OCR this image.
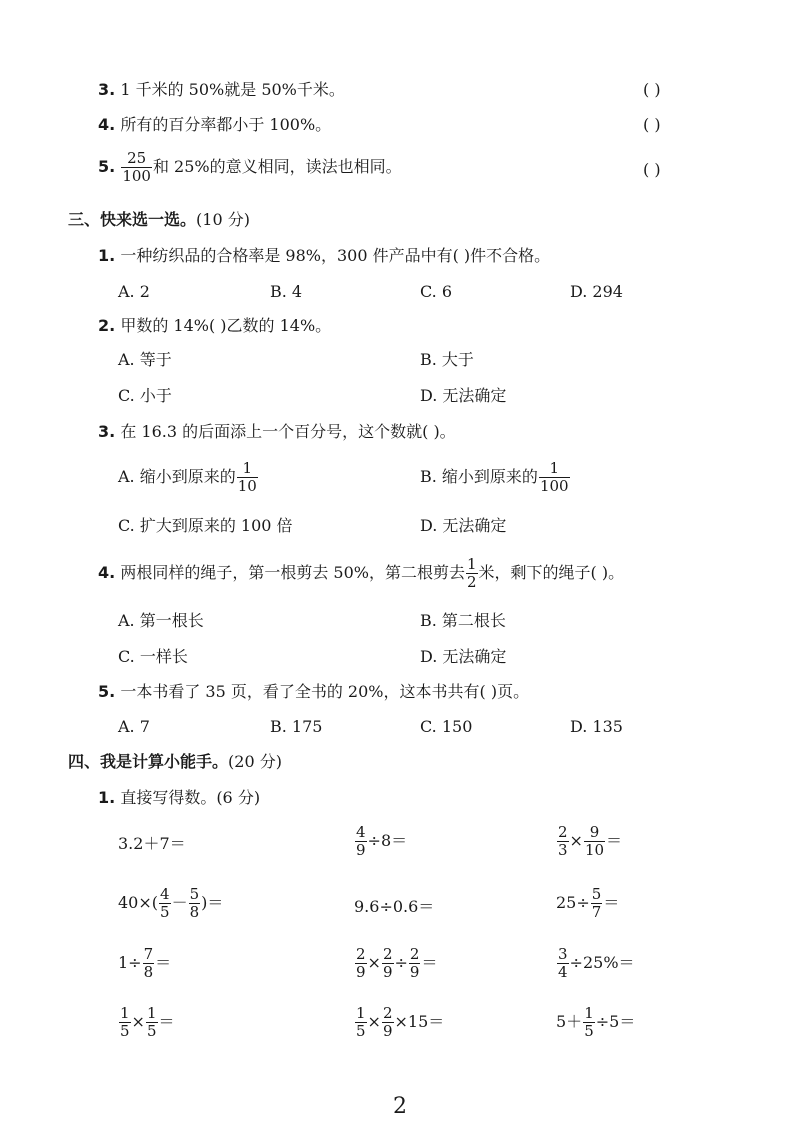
3. 1 千米的 50%就是 50%千米。	( )
4. 所有的百分率都小于 100%。	( )
5. $\frac{25}{100}$ 和 25%的意义相同，读法也相同。	( )
三、快来选一选。(10 分)
1. 一种纺织品的合格率是 98%，300 件产品中有( )件不合格。
A. 2	B. 4	C. 6	D. 294
2. 甲数的 14%( )乙数的 14%。
A. 等于	B. 大于
C. 小于	D. 无法确定
3. 在 16.3 的后面添上一个百分号，这个数就( )。
A. 缩小到原来的 $\frac{1}{10}$	B. 缩小到原来的 $\frac{1}{100}$
C. 扩大到原来的 100 倍	D. 无法确定
4. 两根同样的绳子，第一根剪去 50%，第二根剪去 $\frac{1}{2}$ 米，剩下的绳子( )。
A. 第一根长	B. 第二根长
C. 一样长	D. 无法确定
5. 一本书看了 35 页，看了全书的 20%，这本书共有( )页。
A. 7	B. 175	C. 150	D. 135
四、我是计算小能手。(20 分)
1. 直接写得数。(6 分)
3.2＋7＝	$\frac{4}{9} \div 8=$	$\frac{2}{3} \times \frac{9}{10}$ ＝
$40\times( \frac{4}{5} - \frac{5}{8}$ )＝	9.6÷0.6＝	$25\div \frac{5}{7}$ ＝
$1\div \frac{7}{8}$ ＝	$\frac{2}{9} \times \frac{2}{9} \div \frac{2}{9}$ ＝	$\frac{3}{4} \div 25\%=$
$\frac{1}{5} \times \frac{1}{5}$ ＝	$\frac{1}{5} \times \frac{2}{9} \times 15=$	$5+ \frac{1}{5} \div 5=$
2
